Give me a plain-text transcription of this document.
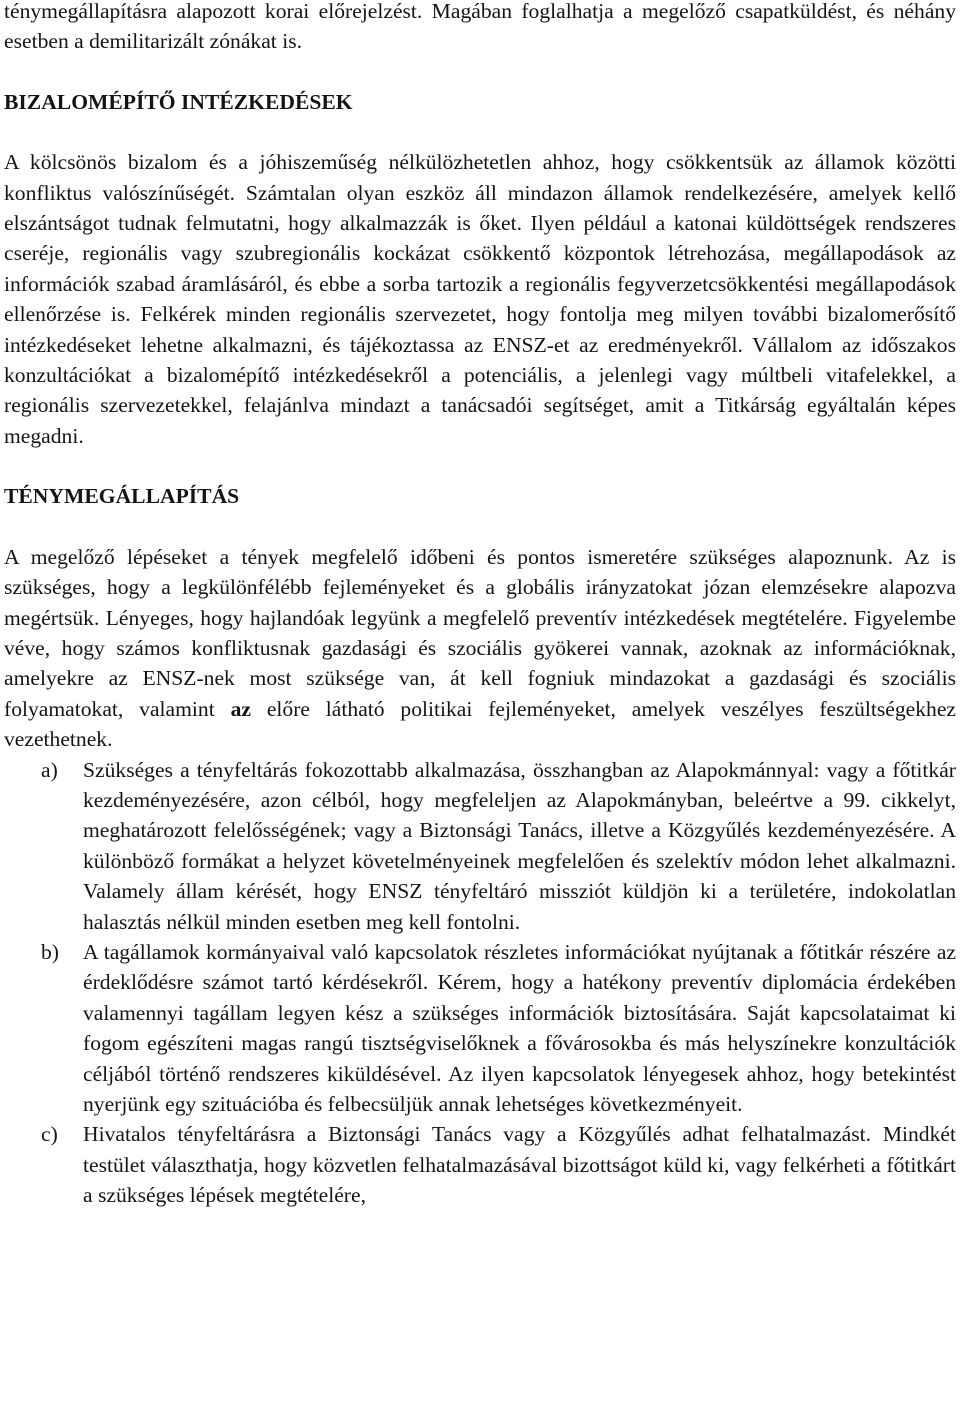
ténymegállapításra alapozott korai előrejelzést. Magában foglalhatja a megelőző csapatküldést, és néhány esetben a demilitarizált zónákat is.

BIZALOMÉPÍTŐ INTÉZKEDÉSEK

A kölcsönös bizalom és a jóhiszeműség nélkülözhetetlen ahhoz, hogy csökkentsük az államok közötti konfliktus valószínűségét. Számtalan olyan eszköz áll mindazon államok rendelkezésére, amelyek kellő elszántságot tudnak felmutatni, hogy alkalmazzák is őket. Ilyen például a katonai küldöttségek rendszeres cseréje, regionális vagy szubregionális kockázat csökkentő központok létrehozása, megállapodások az információk szabad áramlásáról, és ebbe a sorba tartozik a regionális fegyverzetcsökkentési megállapodások ellenőrzése is. Felkérek minden regionális szervezetet, hogy fontolja meg milyen további bizalomerősítő intézkedéseket lehetne alkalmazni, és tájékoztassa az ENSZ-et az eredményekről. Vállalom az időszakos konzultációkat a bizalomépítő intézkedésekről a potenciális, a jelenlegi vagy múltbeli vitafelekkel, a regionális szervezetekkel, felajánlva mindazt a tanácsadói segítséget, amit a Titkárság egyáltalán képes megadni.

TÉNYMEGÁLLAPÍTÁS

A megelőző lépéseket a tények megfelelő időbeni és pontos ismeretére szükséges alapoznunk. Az is szükséges, hogy a legkülönfélébb fejleményeket és a globális irányzatokat józan elemzésekre alapozva megértsük. Lényeges, hogy hajlandóak legyünk a megfelelő preventív intézkedések megtételére. Figyelembe véve, hogy számos konfliktusnak gazdasági és szociális gyökerei vannak, azoknak az információknak, amelyekre az ENSZ-nek most szüksége van, át kell fogniuk mindazokat a gazdasági és szociális folyamatokat, valamint az előre látható politikai fejleményeket, amelyek veszélyes feszültségekhez vezethetnek.

a) Szükséges a tényfeltárás fokozottabb alkalmazása, összhangban az Alapokmánnyal: vagy a főtitkár kezdeményezésére, azon célból, hogy megfeleljen az Alapokmányban, beleértve a 99. cikkelyt, meghatározott felelősségének; vagy a Biztonsági Tanács, illetve a Közgyűlés kezdeményezésére. A különböző formákat a helyzet követelményeinek megfelelően és szelektív módon lehet alkalmazni. Valamely állam kérését, hogy ENSZ tényfeltáró missziót küldjön ki a területére, indokolatlan halasztás nélkül minden esetben meg kell fontolni.
b) A tagállamok kormányaival való kapcsolatok részletes információkat nyújtanak a főtitkár részére az érdeklődésre számot tartó kérdésekről. Kérem, hogy a hatékony preventív diplomácia érdekében valamennyi tagállam legyen kész a szükséges információk biztosítására. Saját kapcsolataimat ki fogom egészíteni magas rangú tisztségviselőknek a fővárosokba és más helyszínekre konzultációk céljából történő rendszeres kiküldésével. Az ilyen kapcsolatok lényegesek ahhoz, hogy betekintést nyerjünk egy szituációba és felbecsüljük annak lehetséges következményeit.
c) Hivatalos tényfeltárásra a Biztonsági Tanács vagy a Közgyűlés adhat felhatalmazást. Mindkét testület választhatja, hogy közvetlen felhatalmazásával bizottságot küld ki, vagy felkérheti a főtitkárt a szükséges lépések megtételére,
